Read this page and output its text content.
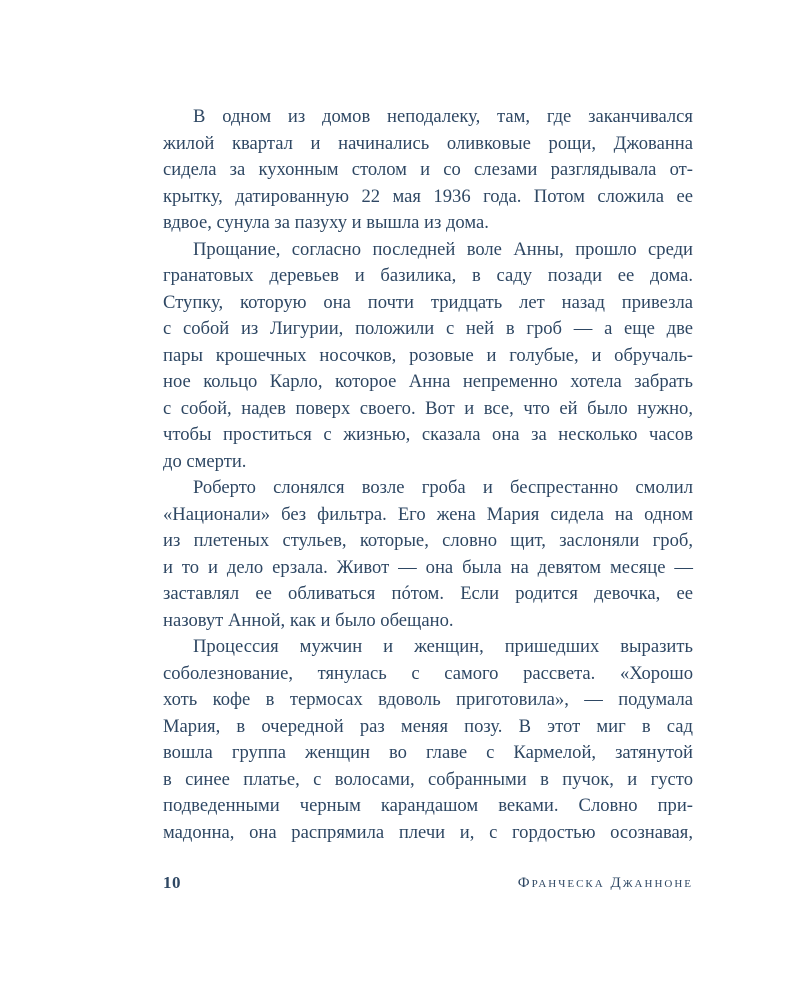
В одном из домов неподалеку, там, где заканчивался
жилой квартал и начинались оливковые рощи, Джованна
сидела за кухонным столом и со слезами разглядывала от-
крытку, датированную 22 мая 1936 года. Потом сложила ее
вдвое, сунула за пазуху и вышла из дома.
Прощание, согласно последней воле Анны, прошло среди
гранатовых деревьев и базилика, в саду позади ее дома.
Ступку, которую она почти тридцать лет назад привезла
с собой из Лигурии, положили с ней в гроб — а еще две
пары крошечных носочков, розовые и голубые, и обручаль-
ное кольцо Карло, которое Анна непременно хотела забрать
с собой, надев поверх своего. Вот и все, что ей было нужно,
чтобы проститься с жизнью, сказала она за несколько часов
до смерти.
Роберто слонялся возле гроба и беспрестанно смолил
«Национали» без фильтра. Его жена Мария сидела на одном
из плетеных стульев, которые, словно щит, заслоняли гроб,
и то и дело ерзала. Живот — она была на девятом месяце —
заставлял ее обливаться пóтом. Если родится девочка, ее
назовут Анной, как и было обещано.
Процессия мужчин и женщин, пришедших выразить
соболезнование, тянулась с самого рассвета. «Хорошо
хоть кофе в термосах вдоволь приготовила», — подумала
Мария, в очередной раз меняя позу. В этот миг в сад
вошла группа женщин во главе с Кармелой, затянутой
в синее платье, с волосами, собранными в пучок, и густо
подведенными черным карандашом веками. Словно при-
мадонна, она распрямила плечи и, с гордостью осознавая,
10	Франческа Джанноне
